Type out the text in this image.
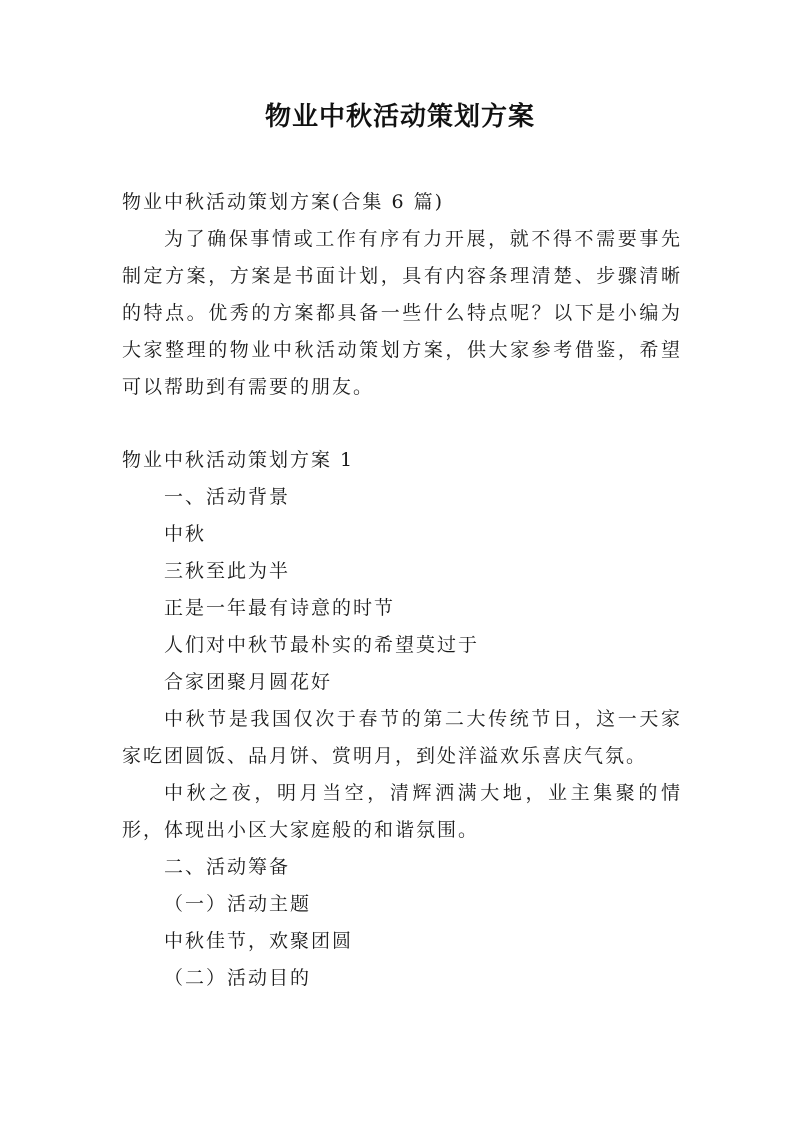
物业中秋活动策划方案

物业中秋活动策划方案(合集 6 篇)

为了确保事情或工作有序有力开展，就不得不需要事先制定方案，方案是书面计划，具有内容条理清楚、步骤清晰的特点。优秀的方案都具备一些什么特点呢？以下是小编为大家整理的物业中秋活动策划方案，供大家参考借鉴，希望可以帮助到有需要的朋友。

物业中秋活动策划方案 1

一、活动背景

中秋

三秋至此为半

正是一年最有诗意的时节

人们对中秋节最朴实的希望莫过于

合家团聚月圆花好

中秋节是我国仅次于春节的第二大传统节日，这一天家家吃团圆饭、品月饼、赏明月，到处洋溢欢乐喜庆气氛。

中秋之夜，明月当空，清辉洒满大地，业主集聚的情形，体现出小区大家庭般的和谐氛围。

二、活动筹备

（一）活动主题

中秋佳节，欢聚团圆

（二）活动目的
